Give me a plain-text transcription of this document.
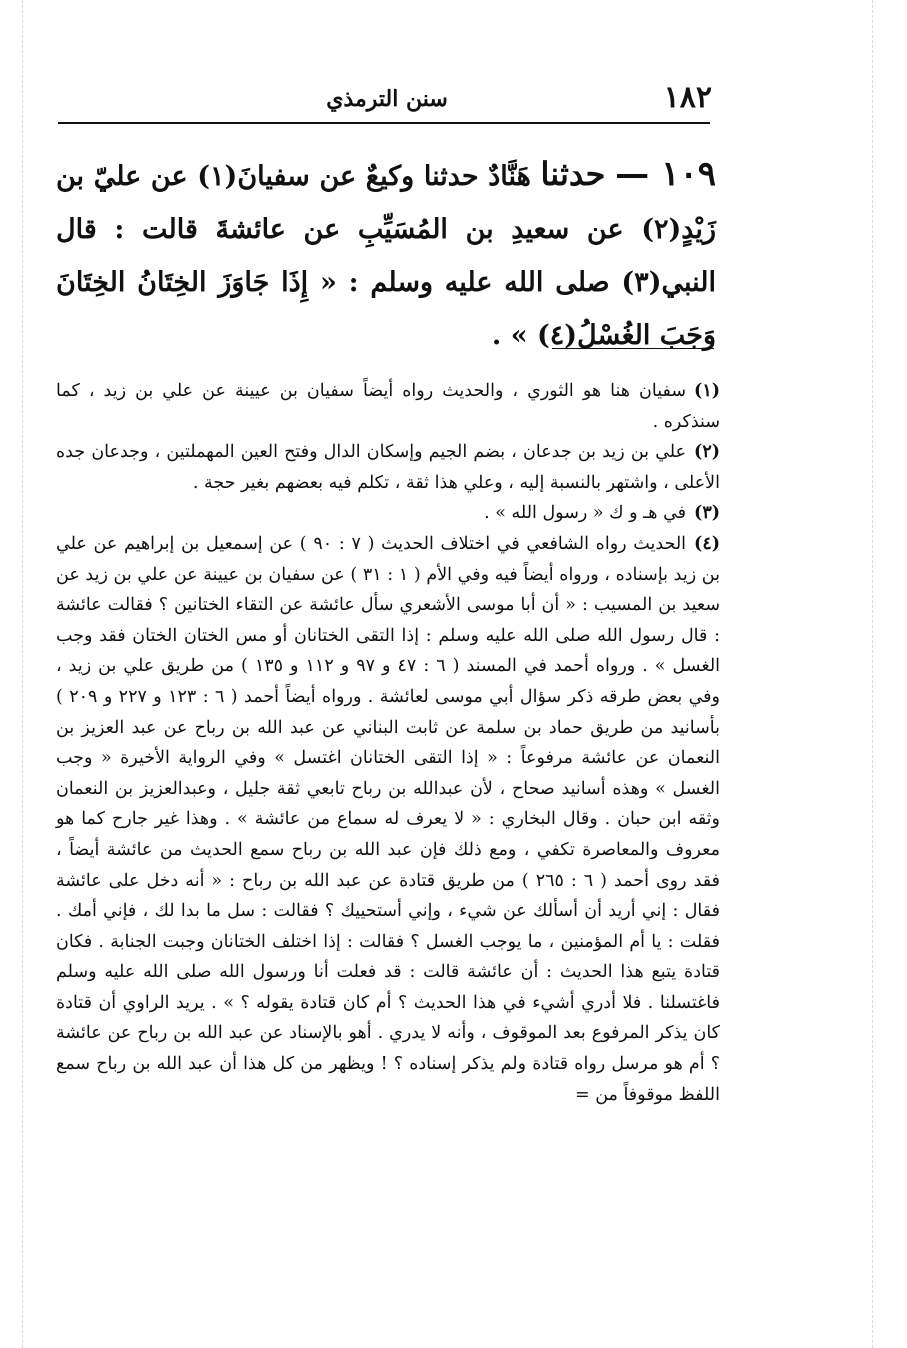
١٨٢
سنن الترمذي
١٠٩ — حدثنا هَنَّادٌ حدثنا وكيعٌ عن سفيانَ(١) عن عليّ بن زَيْدٍ(٢) عن سعيدِ بن المُسَيِّبِ عن عائشةَ قالت : قال النبي(٣) صلى الله عليه وسلم : « إِذَا جَاوَزَ الخِتَانُ الخِتَانَ وَجَبَ الغُسْلُ(٤) » .

(١)سفيان هنا هو الثوري ، والحديث رواه أيضاً سفيان بن عيينة عن علي بن زيد ، كما سنذكره .

(٢)علي بن زيد بن جدعان ، بضم الجيم وإسكان الدال وفتح العين المهملتين ، وجدعان جده الأعلى ، واشتهر بالنسبة إليه ، وعلي هذا ثقة ، تكلم فيه بعضهم بغير حجة .

(٣)في هـ و ك « رسول الله » .

(٤)الحديث رواه الشافعي في اختلاف الحديث ( ٧ : ٩٠ ) عن إسمعيل بن إبراهيم عن علي بن زيد بإسناده ، ورواه أيضاً فيه وفي الأم ( ١ : ٣١ ) عن سفيان بن عيينة عن علي بن زيد عن سعيد بن المسيب : « أن أبا موسى الأشعري سأل عائشة عن التقاء الختانين ؟ فقالت عائشة : قال رسول الله صلى الله عليه وسلم : إذا التقى الختانان أو مس الختان الختان فقد وجب الغسل » . ورواه أحمد في المسند ( ٦ : ٤٧ و ٩٧ و ١١٢ و ١٣٥ ) من طريق علي بن زيد ، وفي بعض طرقه ذكر سؤال أبي موسى لعائشة . ورواه أيضاً أحمد ( ٦ : ١٢٣ و ٢٢٧ و ٢٠٩ ) بأسانيد من طريق حماد بن سلمة عن ثابت البناني عن عبد الله بن رباح عن عبد العزيز بن النعمان عن عائشة مرفوعاً : « إذا التقى الختانان اغتسل » وفي الرواية الأخيرة « وجب الغسل » وهذه أسانيد صحاح ، لأن عبدالله بن رباح تابعي ثقة جليل ، وعبدالعزيز بن النعمان وثقه ابن حبان . وقال البخاري : « لا يعرف له سماع من عائشة » . وهذا غير جارح كما هو معروف والمعاصرة تكفي ، ومع ذلك فإن عبد الله بن رباح سمع الحديث من عائشة أيضاً ، فقد روى أحمد ( ٦ : ٢٦٥ ) من طريق قتادة عن عبد الله بن رباح : « أنه دخل على عائشة فقال : إني أريد أن أسألك عن شيء ، وإني أستحييك ؟ فقالت : سل ما بدا لك ، فإني أمك . فقلت : يا أم المؤمنين ، ما يوجب الغسل ؟ فقالت : إذا اختلف الختانان وجبت الجنابة . فكان قتادة يتبع هذا الحديث : أن عائشة قالت : قد فعلت أنا ورسول الله صلى الله عليه وسلم فاغتسلنا . فلا أدري أشيء في هذا الحديث ؟ أم كان قتادة يقوله ؟ » . يريد الراوي أن قتادة كان يذكر المرفوع بعد الموقوف ، وأنه لا يدري . أهو بالإسناد عن عبد الله بن رباح عن عائشة ؟ أم هو مرسل رواه قتادة ولم يذكر إسناده ؟ ! ويظهر من كل هذا أن عبد الله بن رباح سمع اللفظ موقوفاً من =
